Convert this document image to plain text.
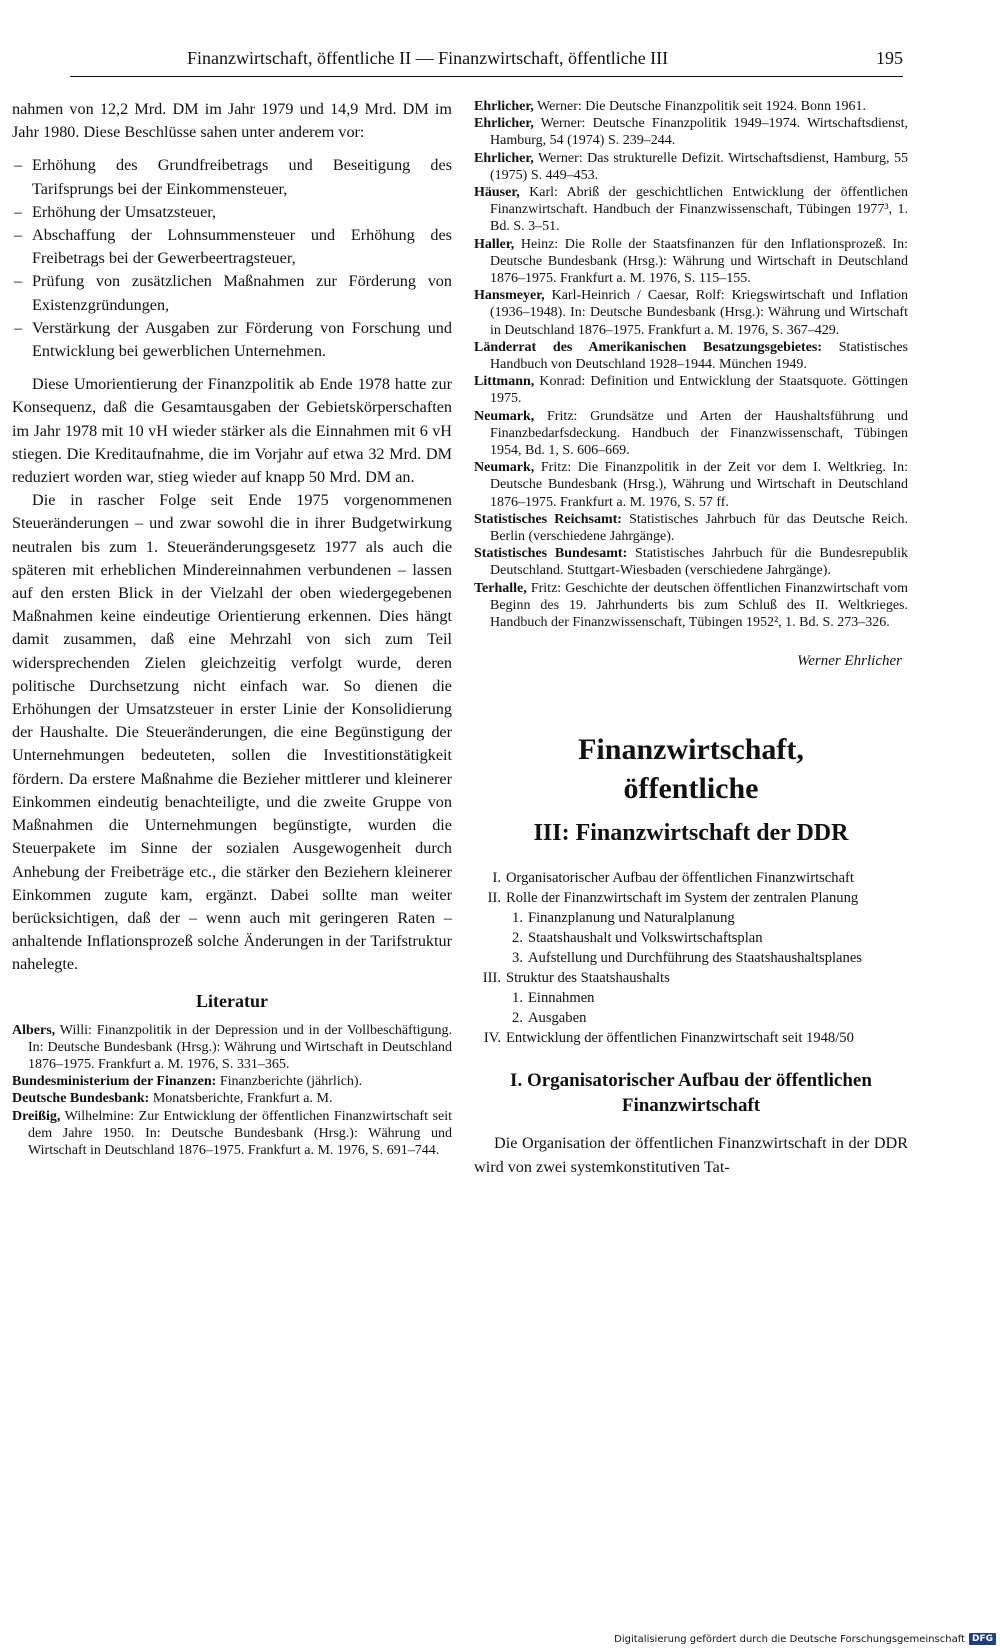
Finanzwirtschaft, öffentliche II — Finanzwirtschaft, öffentliche III	195

nahmen von 12,2 Mrd. DM im Jahr 1979 und 14,9 Mrd. DM im Jahr 1980. Diese Beschlüsse sahen unter anderem vor:

– Erhöhung des Grundfreibetrags und Beseitigung des Tarifsprungs bei der Einkommensteuer,
– Erhöhung der Umsatzsteuer,
– Abschaffung der Lohnsummensteuer und Erhöhung des Freibetrags bei der Gewerbeertragsteuer,
– Prüfung von zusätzlichen Maßnahmen zur Förderung von Existenzgründungen,
– Verstärkung der Ausgaben zur Förderung von Forschung und Entwicklung bei gewerblichen Unternehmen.

Diese Umorientierung der Finanzpolitik ab Ende 1978 hatte zur Konsequenz, daß die Gesamtausgaben der Gebietskörperschaften im Jahr 1978 mit 10 vH wieder stärker als die Einnahmen mit 6 vH stiegen. Die Kreditaufnahme, die im Vorjahr auf etwa 32 Mrd. DM reduziert worden war, stieg wieder auf knapp 50 Mrd. DM an.

Die in rascher Folge seit Ende 1975 vorgenommenen Steueränderungen – und zwar sowohl die in ihrer Budgetwirkung neutralen bis zum 1. Steueränderungsgesetz 1977 als auch die späteren mit erheblichen Mindereinnahmen verbundenen – lassen auf den ersten Blick in der Vielzahl der oben wiedergegebenen Maßnahmen keine eindeutige Orientierung erkennen. Dies hängt damit zusammen, daß eine Mehrzahl von sich zum Teil widersprechenden Zielen gleichzeitig verfolgt wurde, deren politische Durchsetzung nicht einfach war. So dienen die Erhöhungen der Umsatzsteuer in erster Linie der Konsolidierung der Haushalte. Die Steueränderungen, die eine Begünstigung der Unternehmungen bedeuteten, sollen die Investitionstätigkeit fördern. Da erstere Maßnahme die Bezieher mittlerer und kleinerer Einkommen eindeutig benachteiligte, und die zweite Gruppe von Maßnahmen die Unternehmungen begünstigte, wurden die Steuerpakete im Sinne der sozialen Ausgewogenheit durch Anhebung der Freibeträge etc., die stärker den Beziehern kleinerer Einkommen zugute kam, ergänzt. Dabei sollte man weiter berücksichtigen, daß der – wenn auch mit geringeren Raten – anhaltende Inflationsprozeß solche Änderungen in der Tarifstruktur nahelegte.

Literatur

Albers, Willi: Finanzpolitik in der Depression und in der Vollbeschäftigung. In: Deutsche Bundesbank (Hrsg.): Währung und Wirtschaft in Deutschland 1876–1975. Frankfurt a. M. 1976, S. 331–365.

Bundesministerium der Finanzen: Finanzberichte (jährlich).

Deutsche Bundesbank: Monatsberichte, Frankfurt a. M.

Dreißig, Wilhelmine: Zur Entwicklung der öffentlichen Finanzwirtschaft seit dem Jahre 1950. In: Deutsche Bundesbank (Hrsg.): Währung und Wirtschaft in Deutschland 1876–1975. Frankfurt a. M. 1976, S. 691–744.

Ehrlicher, Werner: Die Deutsche Finanzpolitik seit 1924. Bonn 1961.

Ehrlicher, Werner: Deutsche Finanzpolitik 1949–1974. Wirtschaftsdienst, Hamburg, 54 (1974) S. 239–244.

Ehrlicher, Werner: Das strukturelle Defizit. Wirtschaftsdienst, Hamburg, 55 (1975) S. 449–453.

Häuser, Karl: Abriß der geschichtlichen Entwicklung der öffentlichen Finanzwirtschaft. Handbuch der Finanzwissenschaft, Tübingen 1977³, 1. Bd. S. 3–51.

Haller, Heinz: Die Rolle der Staatsfinanzen für den Inflationsprozeß. In: Deutsche Bundesbank (Hrsg.): Währung und Wirtschaft in Deutschland 1876–1975. Frankfurt a. M. 1976, S. 115–155.

Hansmeyer, Karl-Heinrich / Caesar, Rolf: Kriegswirtschaft und Inflation (1936–1948). In: Deutsche Bundesbank (Hrsg.): Währung und Wirtschaft in Deutschland 1876–1975. Frankfurt a. M. 1976, S. 367–429.

Länderrat des Amerikanischen Besatzungsgebietes: Statistisches Handbuch von Deutschland 1928–1944. München 1949.

Littmann, Konrad: Definition und Entwicklung der Staatsquote. Göttingen 1975.

Neumark, Fritz: Grundsätze und Arten der Haushaltsführung und Finanzbedarfsdeckung. Handbuch der Finanzwissenschaft, Tübingen 1954, Bd. 1, S. 606–669.

Neumark, Fritz: Die Finanzpolitik in der Zeit vor dem I. Weltkrieg. In: Deutsche Bundesbank (Hrsg.), Währung und Wirtschaft in Deutschland 1876–1975. Frankfurt a. M. 1976, S. 57 ff.

Statistisches Reichsamt: Statistisches Jahrbuch für das Deutsche Reich. Berlin (verschiedene Jahrgänge).

Statistisches Bundesamt: Statistisches Jahrbuch für die Bundesrepublik Deutschland. Stuttgart-Wiesbaden (verschiedene Jahrgänge).

Terhalle, Fritz: Geschichte der deutschen öffentlichen Finanzwirtschaft vom Beginn des 19. Jahrhunderts bis zum Schluß des II. Weltkrieges. Handbuch der Finanzwissenschaft, Tübingen 1952², 1. Bd. S. 273–326.

Werner Ehrlicher
Finanzwirtschaft,
öffentliche
III: Finanzwirtschaft der DDR
I. Organisatorischer Aufbau der öffentlichen Finanzwirtschaft
II. Rolle der Finanzwirtschaft im System der zentralen Planung
1. Finanzplanung und Naturalplanung
2. Staatshaushalt und Volkswirtschaftsplan
3. Aufstellung und Durchführung des Staatshaushaltsplanes
III. Struktur des Staatshaushalts
1. Einnahmen
2. Ausgaben
IV. Entwicklung der öffentlichen Finanzwirtschaft seit 1948/50
I. Organisatorischer Aufbau der öffentlichen Finanzwirtschaft

Die Organisation der öffentlichen Finanzwirtschaft in der DDR wird von zwei systemkonstitutiven Tat-

Digitalisierung gefördert durch die Deutsche Forschungsgemeinschaft DFG
